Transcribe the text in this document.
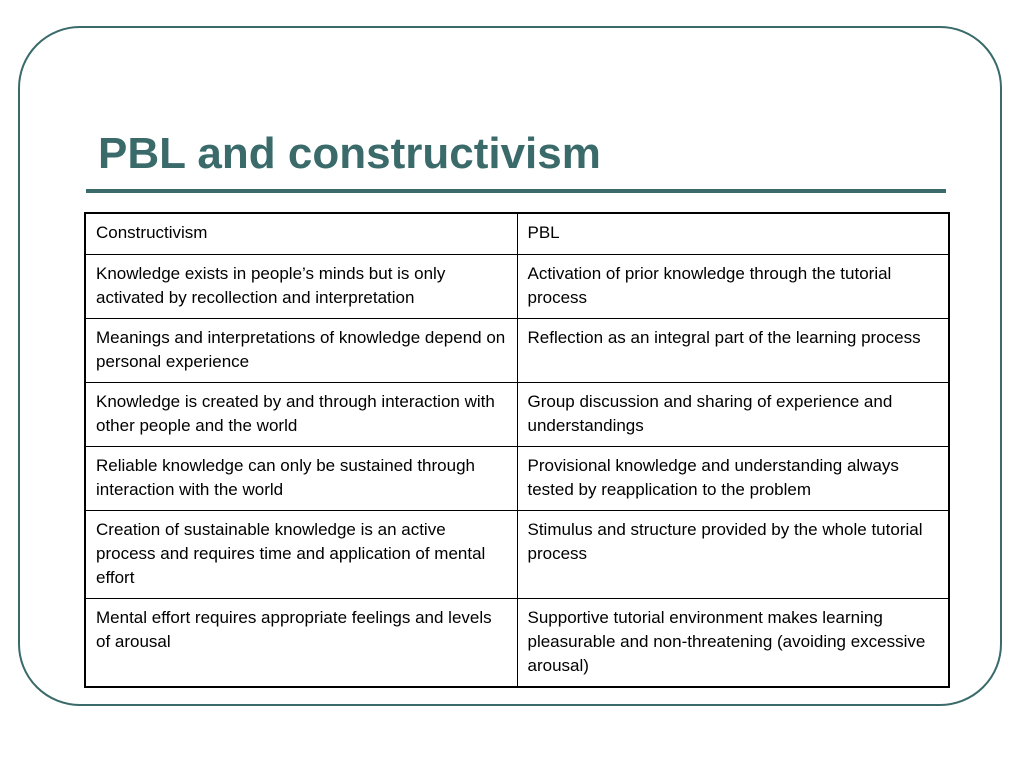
PBL and constructivism
Constructivism	PBL
Knowledge exists in people’s minds but is only activated by recollection and interpretation	Activation of prior knowledge through the tutorial process
Meanings and interpretations of knowledge depend on personal experience	Reflection as an integral part of the learning process
Knowledge is created by and through interaction with other people and the world	Group discussion and sharing of experience and understandings
Reliable knowledge can only be sustained through interaction with the world	Provisional knowledge and understanding always tested by reapplication to the problem
Creation of sustainable knowledge is an active process and requires time and application of mental effort	Stimulus and structure provided by the whole tutorial process
Mental effort requires appropriate feelings and levels of arousal	Supportive tutorial environment makes learning pleasurable and non-threatening (avoiding excessive arousal)
